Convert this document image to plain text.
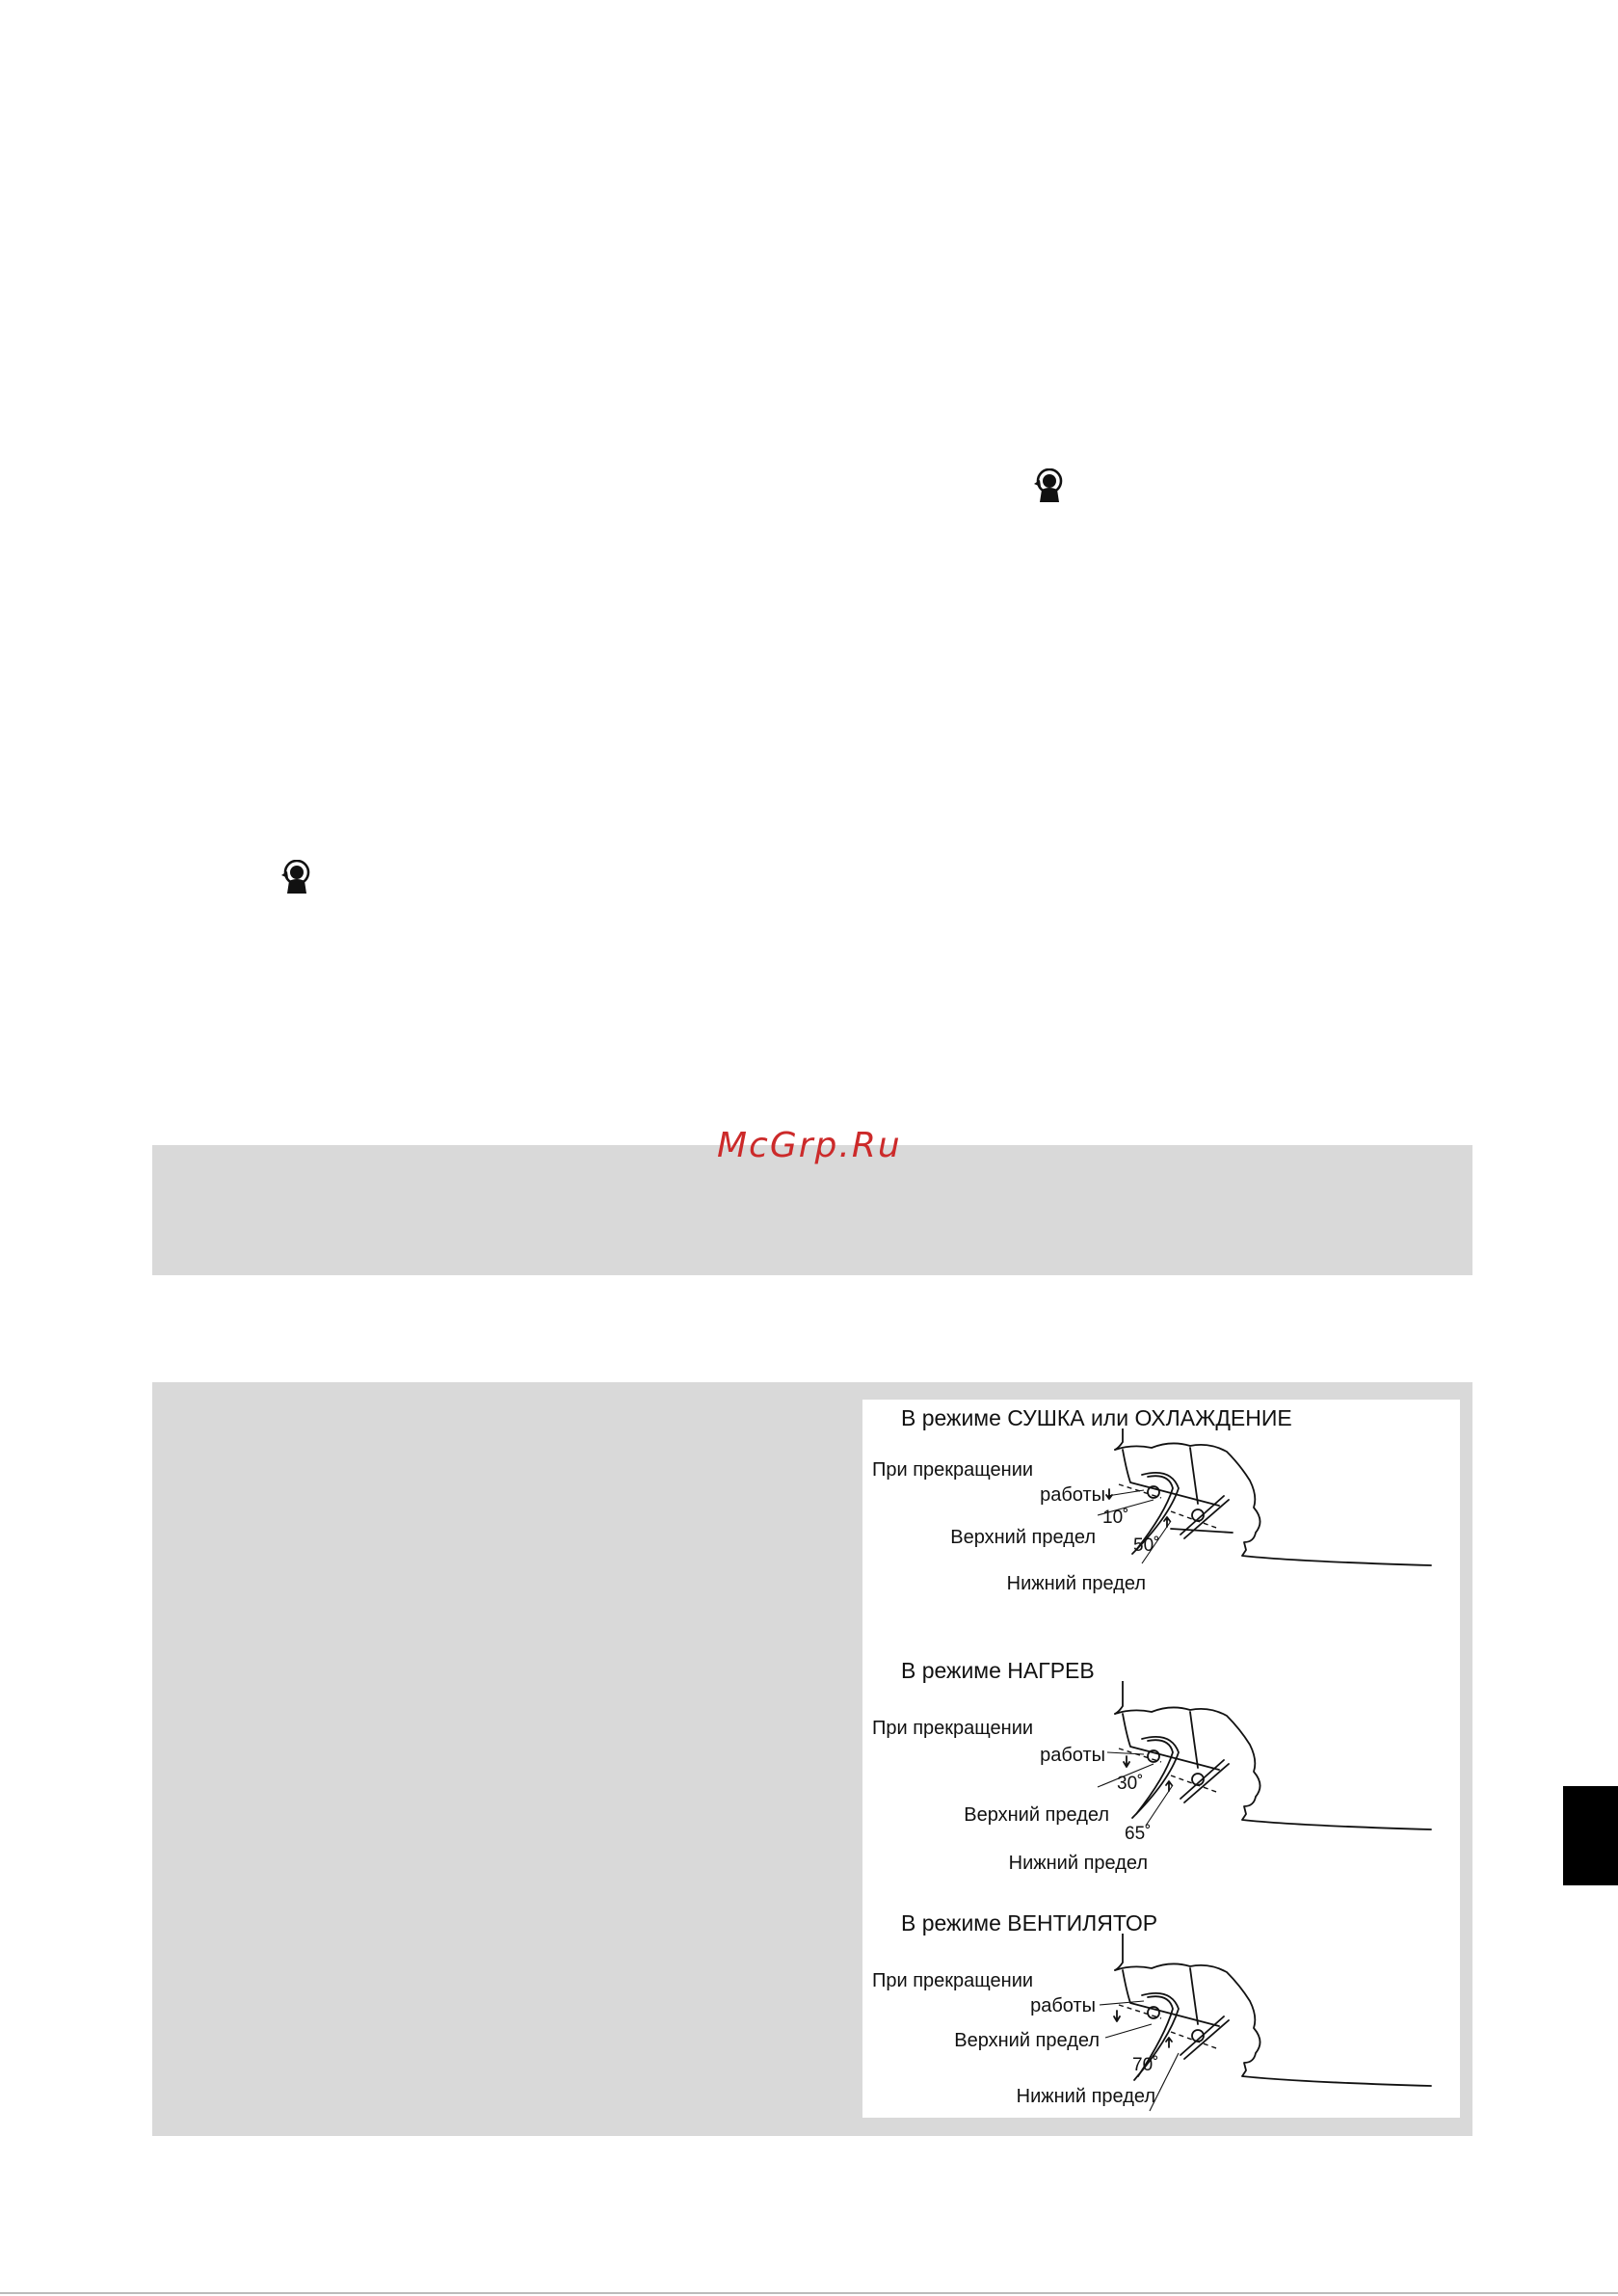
McGrp.Ru
В режиме СУШКА или ОХЛАЖДЕНИЕ
При прекращении
работы
10˚
Верхний предел 50˚
Нижний предел
В режиме НАГРЕВ
При прекращении
работы
30˚
Верхний предел
65˚
Нижний предел
В режиме ВЕНТИЛЯТОР
При прекращении
работы
Верхний предел
70˚
Нижний предел
